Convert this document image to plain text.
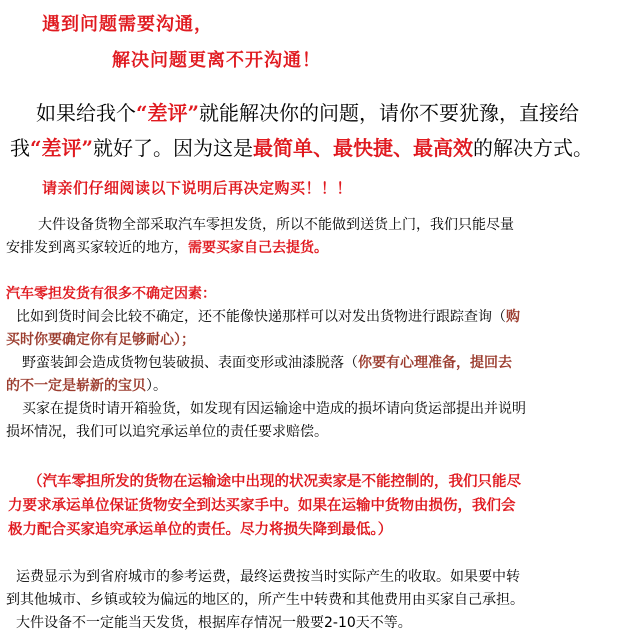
遇到问题需要沟通，
解决问题更离不开沟通！
如果给我个“差评”就能解决你的问题，请你不要犹豫，直接给
我“差评”就好了。因为这是最简单、最快捷、最高效的解决方式。
请亲们仔细阅读以下说明后再决定购买！！！
大件设备货物全部采取汽车零担发货，所以不能做到送货上门，我们只能尽量
安排发到离买家较近的地方，需要买家自己去提货。
汽车零担发货有很多不确定因素：
比如到货时间会比较不确定，还不能像快递那样可以对发出货物进行跟踪查询（购
买时你要确定你有足够耐心）；
野蛮装卸会造成货物包装破损、表面变形或油漆脱落（你要有心理准备，提回去
的不一定是崭新的宝贝）。
买家在提货时请开箱验货，如发现有因运输途中造成的损坏请向货运部提出并说明
损坏情况，我们可以追究承运单位的责任要求赔偿。
（汽车零担所发的货物在运输途中出现的状况卖家是不能控制的，我们只能尽
力要求承运单位保证货物安全到达买家手中。如果在运输中货物由损伤，我们会
极力配合买家追究承运单位的责任。尽力将损失降到最低。）
运费显示为到省府城市的参考运费，最终运费按当时实际产生的收取。如果要中转
到其他城市、乡镇或较为偏远的地区的，所产生中转费和其他费用由买家自己承担。
大件设备不一定能当天发货，根据库存情况一般要2-10天不等。
